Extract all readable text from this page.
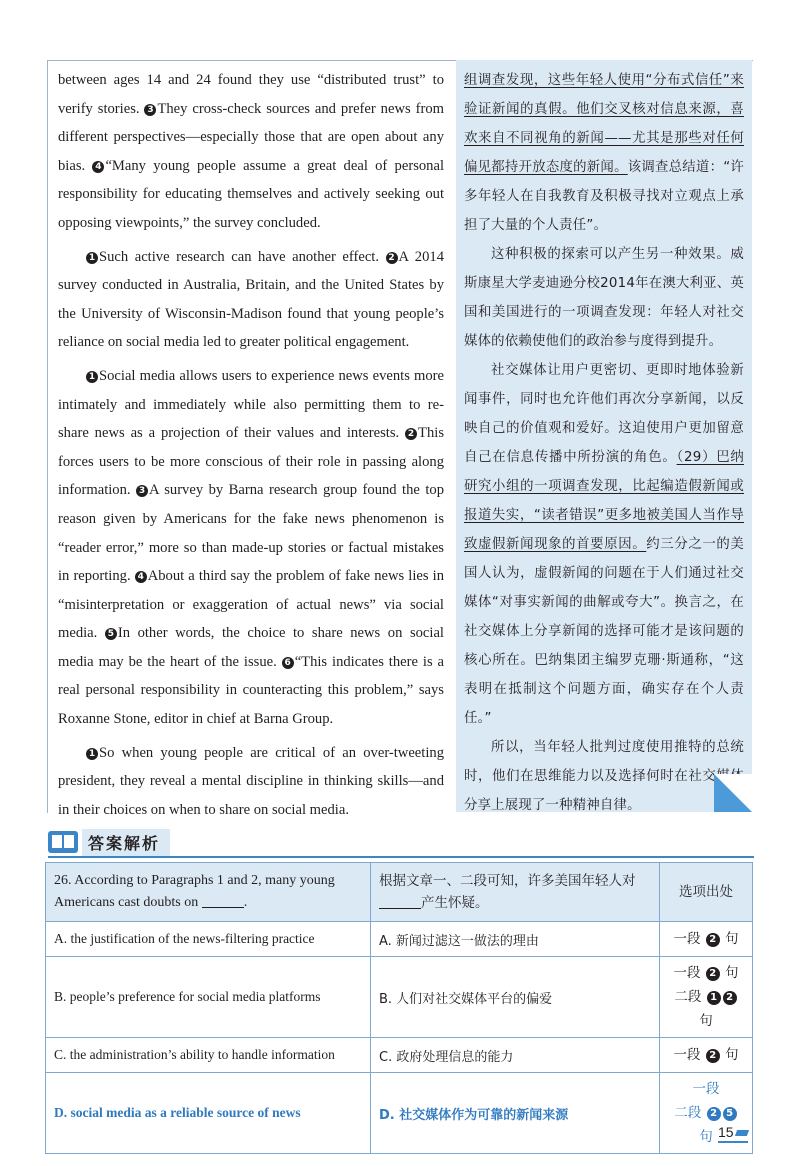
between ages 14 and 24 found they use “distributed trust” to verify stories. 3 They cross-check sources and prefer news from different perspectives—especially those that are open about any bias. 4 “Many young people assume a great deal of personal responsibility for educating themselves and actively seeking out opposing viewpoints,” the survey concluded.

1 Such active research can have another effect. 2 A 2014 survey conducted in Australia, Britain, and the United States by the University of Wisconsin-Madison found that young people’s reliance on social media led to greater political engagement.

1 Social media allows users to experience news events more intimately and immediately while also permitting them to re-share news as a projection of their values and interests. 2 This forces users to be more conscious of their role in passing along information. 3 A survey by Barna research group found the top reason given by Americans for the fake news phenomenon is “reader error,” more so than made-up stories or factual mistakes in reporting. 4 About a third say the problem of fake news lies in “misinterpretation or exaggeration of actual news” via social media. 5 In other words, the choice to share news on social media may be the heart of the issue. 6 “This indicates there is a real personal responsibility in counteracting this problem,” says Roxanne Stone, editor in chief at Barna Group.

1 So when young people are critical of an over-tweeting president, they reveal a mental discipline in thinking skills—and in their choices on when to share on social media.

组调查发现，这些年轻人使用“分布式信任”来验证新闻的真假。他们交叉核对信息来源，喜欢来自不同视角的新闻——尤其是那些对任何偏见都持开放态度的新闻。该调查总结道：“许多年轻人在自我教育及积极寻找对立观点上承担了大量的个人责任”。

这种积极的探索可以产生另一种效果。威斯康星大学麦迪逊分校2014年在澳大利亚、英国和美国进行的一项调查发现：年轻人对社交媒体的依赖使他们的政治参与度得到提升。

社交媒体让用户更密切、更即时地体验新闻事件，同时也允许他们再次分享新闻，以反映自己的价值观和爱好。这迫使用户更加留意自己在信息传播中所扮演的角色。（29）巴纳研究小组的一项调查发现，比起编造假新闻或报道失实，“读者错误”更多地被美国人当作导致虚假新闻现象的首要原因。约三分之一的美国人认为，虚假新闻的问题在于人们通过社交媒体“对事实新闻的曲解或夸大”。换言之，在社交媒体上分享新闻的选择可能才是该问题的核心所在。巴纳集团主编罗克珊·斯通称，“这表明在抵制这个问题方面，确实存在个人责任。”

所以，当年轻人批判过度使用推特的总统时，他们在思维能力以及选择何时在社交媒体分享上展现了一种精神自律。

答案解析
26. According to Paragraphs 1 and 2, many young Americans cast doubts on .	根据文章一、二段可知，许多美国年轻人对产生怀疑。	选项出处
A. the justification of the news-filtering practice	A. 新闻过滤这一做法的理由	一段 2 句

B. people’s preference for social media platforms	B. 人们对社交媒体平台的偏爱	一段 2 句
二段 1 2 句

C. the administration’s ability to handle information	C. 政府处理信息的能力	一段 2 句

D. social media as a reliable source of news	D. 社交媒体作为可靠的新闻来源	一段
二段 2 5 句 15
